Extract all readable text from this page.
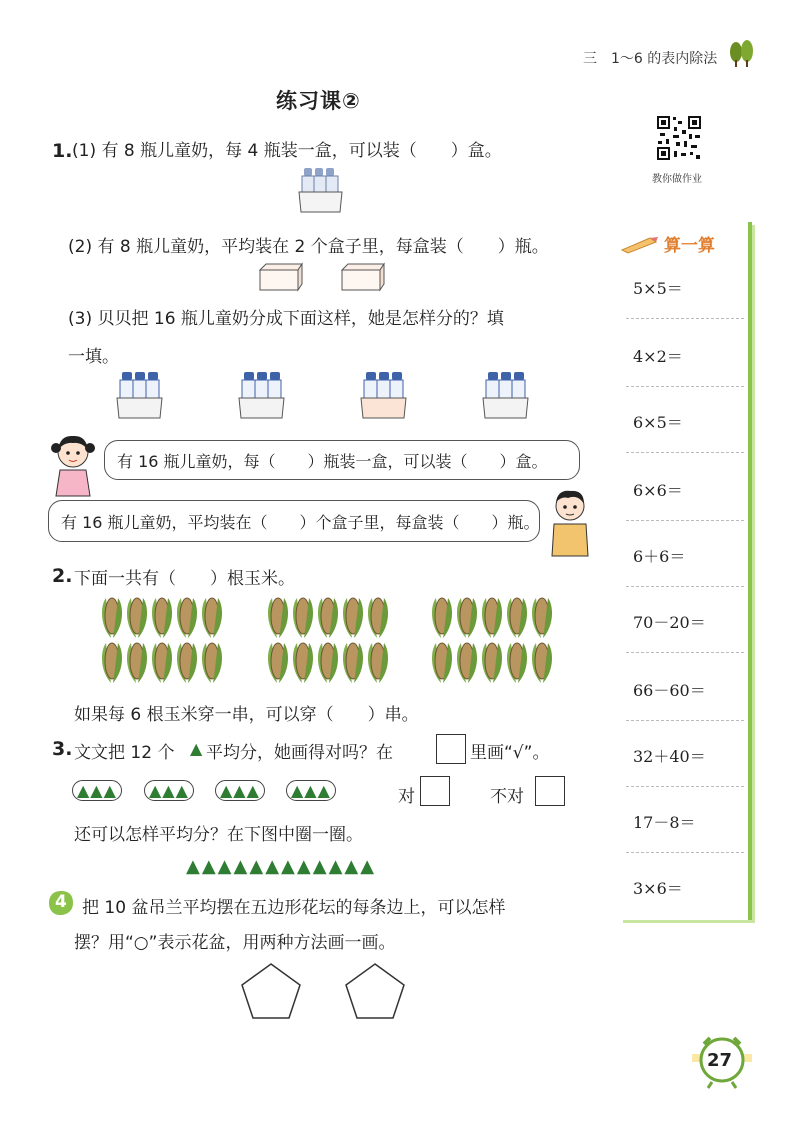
三　1～6 的表内除法
练习课②
教你做作业
算一算
5×5＝
4×2＝
6×5＝
6×6＝
6＋6＝
70－20＝
66－60＝
32＋40＝
17－8＝
3×6＝
1. (1) 有 8 瓶儿童奶，每 4 瓶装一盒，可以装（　　）盒。
(2) 有 8 瓶儿童奶，平均装在 2 个盒子里，每盒装（　　）瓶。
(3) 贝贝把 16 瓶儿童奶分成下面这样，她是怎样分的？填
一填。
有 16 瓶儿童奶，每（　　）瓶装一盒，可以装（　　）盒。
有 16 瓶儿童奶，平均装在（　　）个盒子里，每盒装（　　）瓶。
2. 下面一共有（　　）根玉米。
如果每 6 根玉米穿一串，可以穿（　　）串。
3. 文文把 12 个 ▲ 平均分，她画得对吗？在	里画“√”。
▲▲▲	▲▲▲	▲▲▲	▲▲▲	对	不对
还可以怎样平均分？在下图中圈一圈。
▲▲▲▲▲▲▲▲▲▲▲▲
4 把 10 盆吊兰平均摆在五边形花坛的每条边上，可以怎样
摆？用“○”表示花盆，用两种方法画一画。
27
